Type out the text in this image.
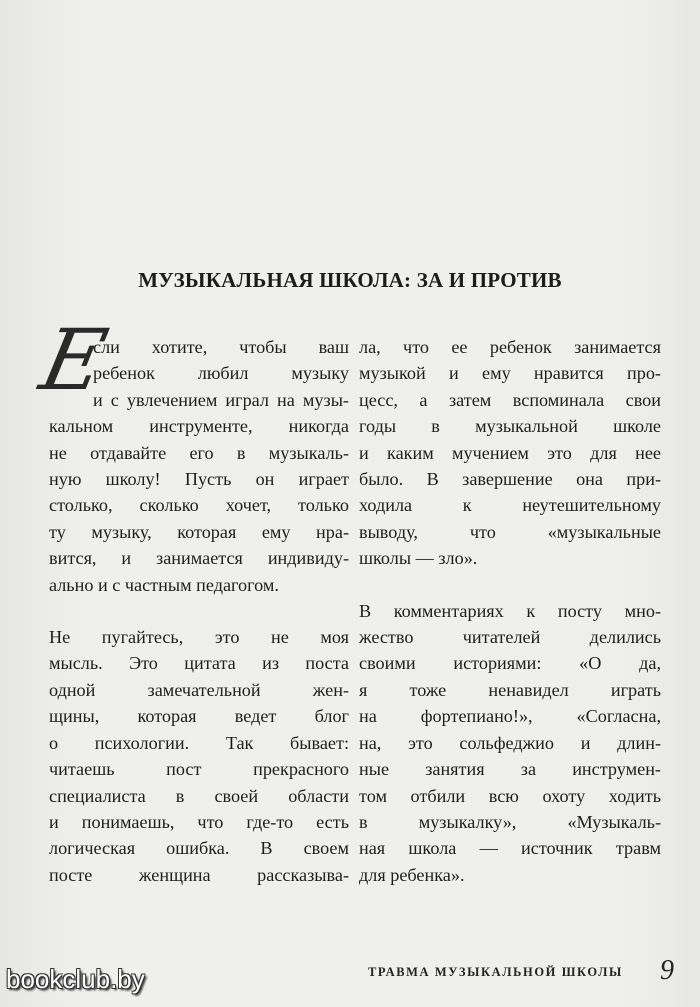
МУЗЫКАЛЬНАЯ ШКОЛА: ЗА И ПРОТИВ

Е
сли хотите, чтобы ваш
ребенок любил музыку
и с увлечением играл на музы-
кальном инструменте, никогда
не отдавайте его в музыкаль-
ную школу! Пусть он играет
столько, сколько хочет, только
ту музыку, которая ему нра-
вится, и занимается индивиду-
ально и с частным педагогом.

Не пугайтесь, это не моя
мысль. Это цитата из поста
одной замечательной жен-
щины, которая ведет блог
о психологии. Так бывает:
читаешь пост прекрасного
специалиста в своей области
и понимаешь, что где-то есть
логическая ошибка. В своем
посте женщина рассказыва-

ла, что ее ребенок занимается
музыкой и ему нравится про-
цесс, а затем вспоминала свои
годы в музыкальной школе
и каким мучением это для нее
было. В завершение она при-
ходила к неутешительному
выводу, что «музыкальные
школы — зло».

В комментариях к посту мно-
жество читателей делились
своими историями: «О да,
я тоже ненавидел играть
на фортепиано!», «Согласна,
на, это сольфеджио и длин-
ные занятия за инструмен-
том отбили всю охоту ходить
в музыкалку», «Музыкаль-
ная школа — источник травм
для ребенка».

bookclub.by	ТРАВМА МУЗЫКАЛЬНОЙ ШКОЛЫ 9
